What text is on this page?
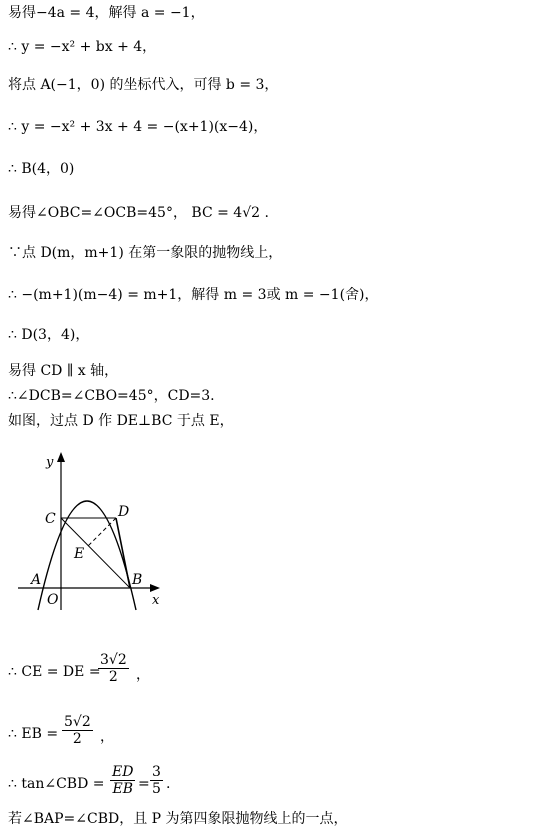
易得−4a = 4，解得 a = −1，
∴ y = −x² + bx + 4，
将点 A(−1，0) 的坐标代入，可得 b = 3，
∴ y = −x² + 3x + 4 = −(x+1)(x−4)，
∴ B(4，0)
易得∠OBC=∠OCB=45°， BC = 4√2 .
∵点 D(m，m+1) 在第一象限的抛物线上，
∴ −(m+1)(m−4) = m+1，解得 m = 3或 m = −1(舍)，
∴ D(3，4)，
易得 CD ∥ x 轴，
∴∠DCB=∠CBO=45°，CD=3.
如图，过点 D 作 DE⊥BC 于点 E，
y
x
C	D
E
A
O
B
∴ CE = DE =
$\frac{3√2}{2}$ ，
∴ EB = $\frac{5√2}{2}$ ，
∴ tan∠CBD = $\frac{ED}{EB} = \frac{3}{5}$ .
若∠BAP=∠CBD，且 P 为第四象限抛物线上的一点，
